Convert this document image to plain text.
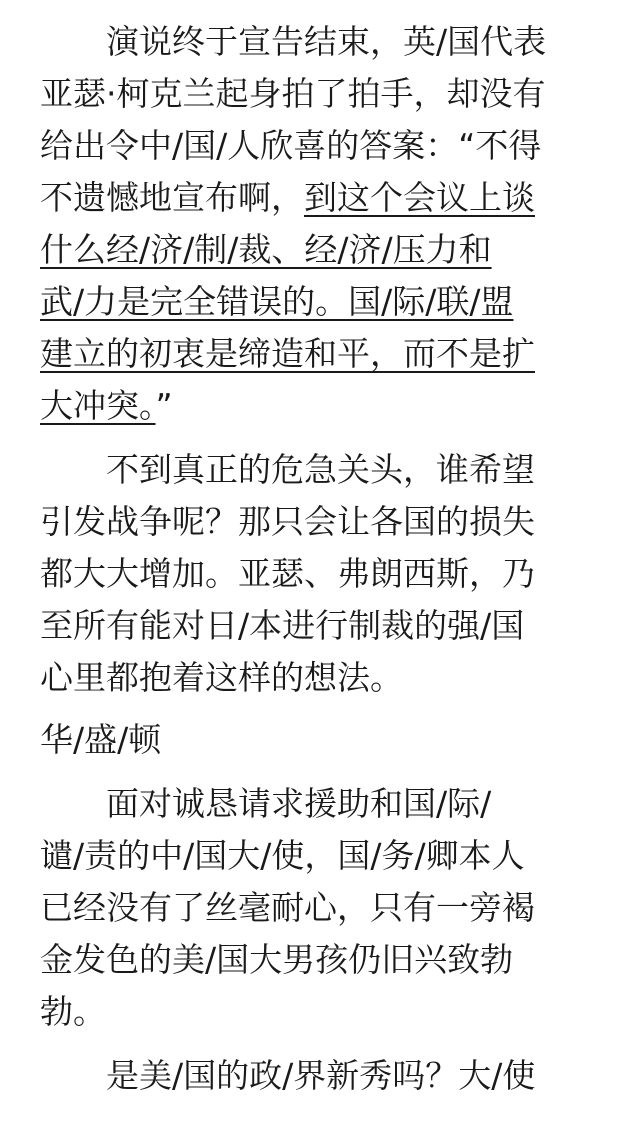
　　演说终于宣告结束，英/国代表
亚瑟·柯克兰起身拍了拍手，却没有
给出令中/国/人欣喜的答案：“不得
不遗憾地宣布啊，到这个会议上谈
什么经/济/制/裁、经/济/压力和
武/力是完全错误的。国/际/联/盟
建立的初衷是缔造和平，而不是扩
大冲突。”
　　不到真正的危急关头，谁希望
引发战争呢？那只会让各国的损失
都大大增加。亚瑟、弗朗西斯，乃
至所有能对日/本进行制裁的强/国
心里都抱着这样的想法。
华/盛/顿
　　面对诚恳请求援助和国/际/
谴/责的中/国大/使，国/务/卿本人
已经没有了丝毫耐心，只有一旁褐
金发色的美/国大男孩仍旧兴致勃
勃。
　　是美/国的政/界新秀吗？大/使
